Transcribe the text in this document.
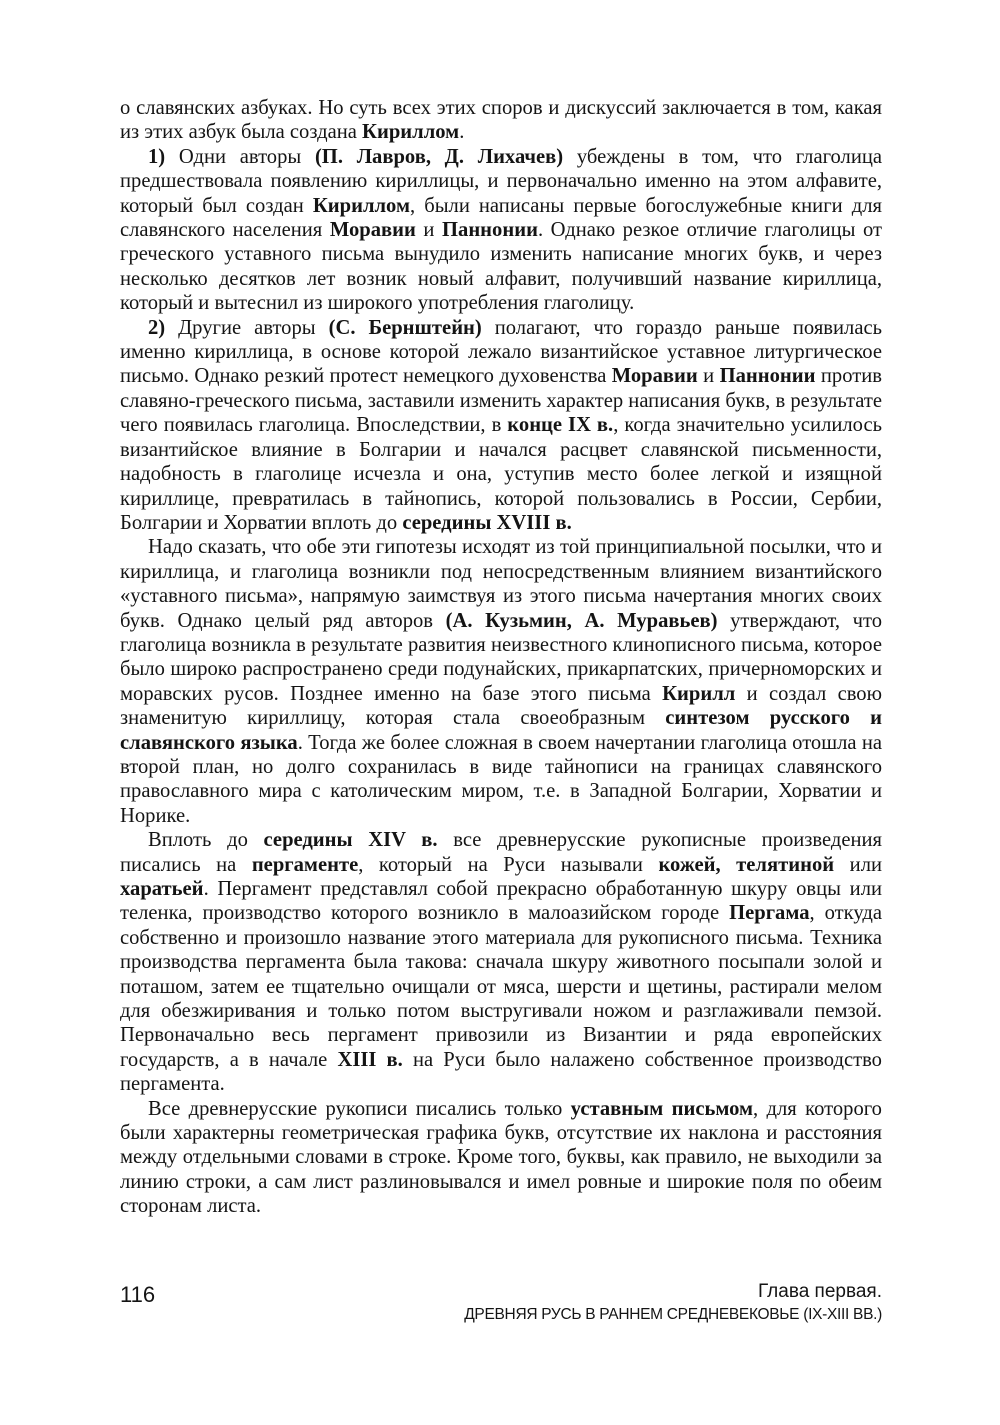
о славянских азбуках. Но суть всех этих споров и дискуссий заключается в том, какая из этих азбук была создана Кириллом.

1) Одни авторы (П. Лавров, Д. Лихачев) убеждены в том, что глаголица предшествовала появлению кириллицы, и первоначально именно на этом алфавите, который был создан Кириллом, были написаны первые богослужебные книги для славянского населения Моравии и Паннонии. Однако резкое отличие глаголицы от греческого уставного письма вынудило изменить написание многих букв, и через несколько десятков лет возник новый алфавит, получивший название кириллица, который и вытеснил из широкого употребления глаголицу.

2) Другие авторы (С. Бернштейн) полагают, что гораздо раньше появилась именно кириллица, в основе которой лежало византийское уставное литургическое письмо. Однако резкий протест немецкого духовенства Моравии и Паннонии против славяно-греческого письма, заставили изменить характер написания букв, в результате чего появилась глаголица. Впоследствии, в конце IX в., когда значительно усилилось византийское влияние в Болгарии и начался расцвет славянской письменности, надобность в глаголице исчезла и она, уступив место более легкой и изящной кириллице, превратилась в тайнопись, которой пользовались в России, Сербии, Болгарии и Хорватии вплоть до середины XVIII в.

Надо сказать, что обе эти гипотезы исходят из той принципиальной посылки, что и кириллица, и глаголица возникли под непосредственным влиянием византийского «уставного письма», напрямую заимствуя из этого письма начертания многих своих букв. Однако целый ряд авторов (А. Кузьмин, А. Муравьев) утверждают, что глаголица возникла в результате развития неизвестного клинописного письма, которое было широко распространено среди подунайских, прикарпатских, причерноморских и моравских русов. Позднее именно на базе этого письма Кирилл и создал свою знаменитую кириллицу, которая стала своеобразным синтезом русского и славянского языка. Тогда же более сложная в своем начертании глаголица отошла на второй план, но долго сохранилась в виде тайнописи на границах славянского православного мира с католическим миром, т.е. в Западной Болгарии, Хорватии и Норике.

Вплоть до середины XIV в. все древнерусские рукописные произведения писались на пергаменте, который на Руси называли кожей, телятиной или харатьей. Пергамент представлял собой прекрасно обработанную шкуру овцы или теленка, производство которого возникло в малоазийском городе Пергама, откуда собственно и произошло название этого материала для рукописного письма. Техника производства пергамента была такова: сначала шкуру животного посыпали золой и поташом, затем ее тщательно очищали от мяса, шерсти и щетины, растирали мелом для обезжиривания и только потом выстругивали ножом и разглаживали пемзой. Первоначально весь пергамент привозили из Византии и ряда европейских государств, а в начале XIII в. на Руси было налажено собственное производство пергамента.

Все древнерусские рукописи писались только уставным письмом, для которого были характерны геометрическая графика букв, отсутствие их наклона и расстояния между отдельными словами в строке. Кроме того, буквы, как правило, не выходили за линию строки, а сам лист разлиновывался и имел ровные и широкие поля по обеим сторонам листа.

116	Глава первая.
ДРЕВНЯЯ РУСЬ В РАННЕМ СРЕДНЕВЕКОВЬЕ (IX-XIII ВВ.)
